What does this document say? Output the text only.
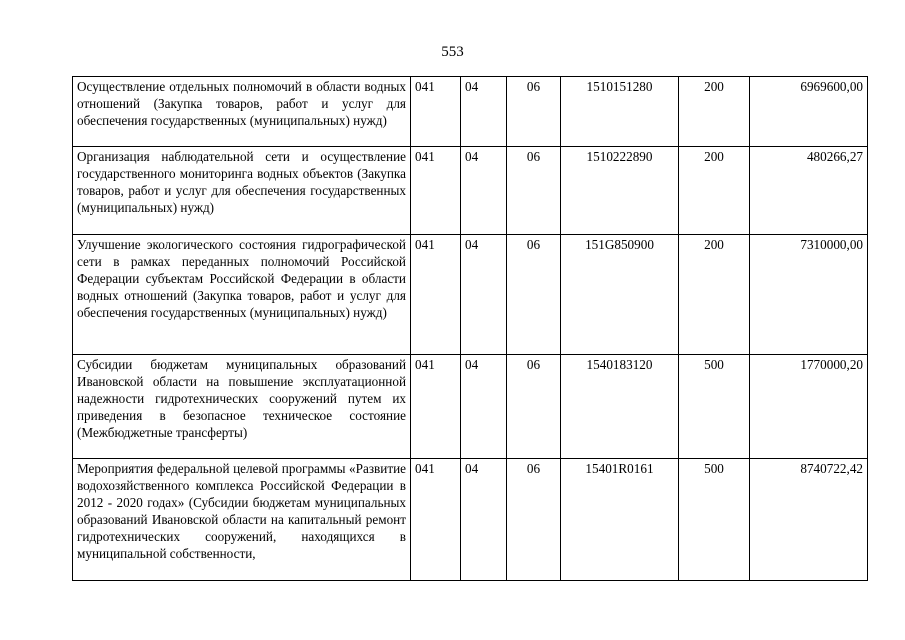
553
Осуществление отдельных полномочий в области водных отношений (Закупка товаров, работ и услуг для обеспечения государственных (муниципальных) нужд)	041	04	06	1510151280	200	6969600,00
Организация наблюдательной сети и осуществление государственного мониторинга водных объектов (Закупка товаров, работ и услуг для обеспечения государственных (муниципальных) нужд)	041	04	06	1510222890	200	480266,27
Улучшение экологического состояния гидрографической сети в рамках переданных полномочий Российской Федерации субъектам Российской Федерации в области водных отношений (Закупка товаров, работ и услуг для обеспечения государственных (муниципальных) нужд)	041	04	06	151G850900	200	7310000,00
Субсидии бюджетам муниципальных образований Ивановской области на повышение эксплуатационной надежности гидротехнических сооружений путем их приведения в безопасное техническое состояние (Межбюджетные трансферты)	041	04	06	1540183120	500	1770000,20
Мероприятия федеральной целевой программы «Развитие водохозяйственного комплекса Российской Федерации в 2012 - 2020 годах» (Субсидии бюджетам муниципальных образований Ивановской области на капитальный ремонт гидротехнических сооружений, находящихся в муниципальной собственности,	041	04	06	15401R0161	500	8740722,42
